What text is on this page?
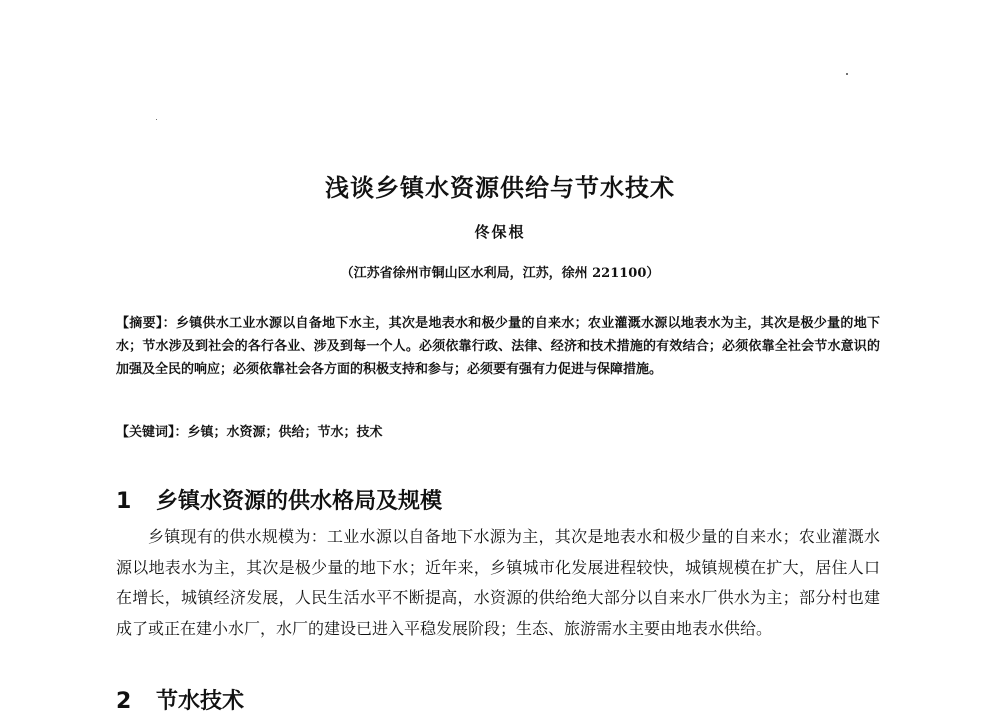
浅谈乡镇水资源供给与节水技术
佟保根
（江苏省徐州市铜山区水利局，江苏，徐州 221100）
【摘要】：乡镇供水工业水源以自备地下水主，其次是地表水和极少量的自来水；农业灌溉水源以地表水为主，其次是极少量的地下水；节水涉及到社会的各行各业、涉及到每一个人。必须依靠行政、法律、经济和技术措施的有效结合；必须依靠全社会节水意识的加强及全民的响应；必须依靠社会各方面的积极支持和参与；必须要有强有力促进与保障措施。
【关键词】：乡镇；水资源；供给；节水；技术
1 乡镇水资源的供水格局及规模
乡镇现有的供水规模为：工业水源以自备地下水源为主，其次是地表水和极少量的自来水；农业灌溉水源以地表水为主，其次是极少量的地下水；近年来，乡镇城市化发展进程较快，城镇规模在扩大，居住人口在增长，城镇经济发展，人民生活水平不断提高，水资源的供给绝大部分以自来水厂供水为主；部分村也建成了或正在建小水厂，水厂的建设已进入平稳发展阶段；生态、旅游需水主要由地表水供给。
2 节水技术
